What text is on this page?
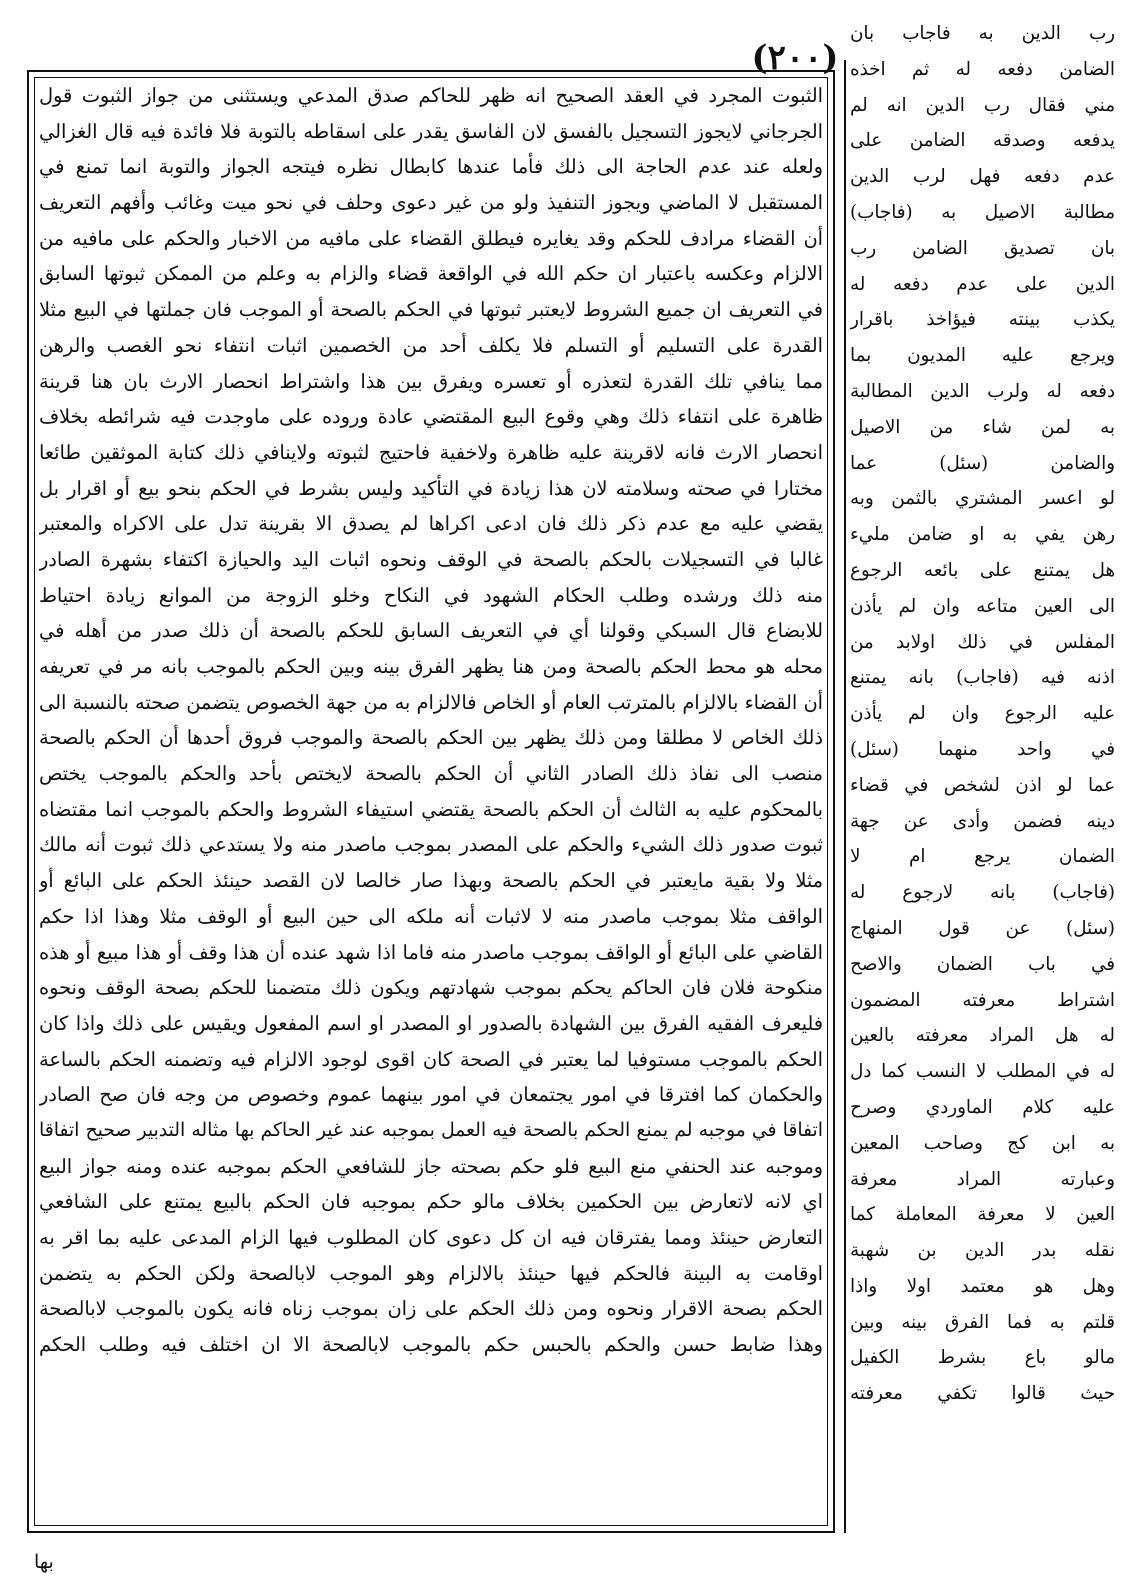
(٢٠٠)
الثبوت المجرد في العقد الصحيح انه ظهر للحاكم صدق المدعي ويستثنى من جواز الثبوت قول
الجرجاني لايجوز التسجيل بالفسق لان الفاسق يقدر على اسقاطه بالتوبة فلا فائدة فيه قال الغزالي
ولعله عند عدم الحاجة الى ذلك فأما عندها كابطال نظره فيتجه الجواز والتوبة انما تمنع في
المستقبل لا الماضي ويجوز التنفيذ ولو من غير دعوى وحلف في نحو ميت وغائب وأفهم التعريف
أن القضاء مرادف للحكم وقد يغايره فيطلق القضاء على مافيه من الاخبار والحكم على مافيه من
الالزام وعكسه باعتبار ان حكم الله في الواقعة قضاء والزام به وعلم من الممكن ثبوتها السابق
في التعريف ان جميع الشروط لايعتبر ثبوتها في الحكم بالصحة أو الموجب فان جملتها في البيع مثلا
القدرة على التسليم أو التسلم فلا يكلف أحد من الخصمين اثبات انتفاء نحو الغصب والرهن
مما ينافي تلك القدرة لتعذره أو تعسره ويفرق بين هذا واشتراط انحصار الارث بان هنا قرينة
ظاهرة على انتفاء ذلك وهي وقوع البيع المقتضي عادة وروده على ماوجدت فيه شرائطه بخلاف
انحصار الارث فانه لاقرينة عليه ظاهرة ولاخفية فاحتيج لثبوته ولاينافي ذلك كتابة الموثقين طائعا
مختارا في صحته وسلامته لان هذا زيادة في التأكيد وليس بشرط في الحكم بنحو بيع أو اقرار بل
يقضي عليه مع عدم ذكر ذلك فان ادعى اكراها لم يصدق الا بقرينة تدل على الاكراه والمعتبر
غالبا في التسجيلات بالحكم بالصحة في الوقف ونحوه اثبات اليد والحيازة اكتفاء بشهرة الصادر
منه ذلك ورشده وطلب الحكام الشهود في النكاح وخلو الزوجة من الموانع زيادة احتياط
للابضاع قال السبكي وقولنا أي في التعريف السابق للحكم بالصحة أن ذلك صدر من أهله في
محله هو محط الحكم بالصحة ومن هنا يظهر الفرق بينه وبين الحكم بالموجب بانه مر في تعريفه
أن القضاء بالالزام بالمترتب العام أو الخاص فالالزام به من جهة الخصوص يتضمن صحته بالنسبة الى
ذلك الخاص لا مطلقا ومن ذلك يظهر بين الحكم بالصحة والموجب فروق أحدها أن الحكم بالصحة
منصب الى نفاذ ذلك الصادر الثاني أن الحكم بالصحة لايختص بأحد والحكم بالموجب يختص
بالمحكوم عليه به الثالث أن الحكم بالصحة يقتضي استيفاء الشروط والحكم بالموجب انما مقتضاه
ثبوت صدور ذلك الشيء والحكم على المصدر بموجب ماصدر منه ولا يستدعي ذلك ثبوت أنه مالك
مثلا ولا بقية مايعتبر في الحكم بالصحة وبهذا صار خالصا لان القصد حينئذ الحكم على البائع أو
الواقف مثلا بموجب ماصدر منه لا لاثبات أنه ملكه الى حين البيع أو الوقف مثلا وهذا اذا حكم
القاضي على البائع أو الواقف بموجب ماصدر منه فاما اذا شهد عنده أن هذا وقف أو هذا مبيع أو هذه
منكوحة فلان فان الحاكم يحكم بموجب شهادتهم ويكون ذلك متضمنا للحكم بصحة الوقف ونحوه
فليعرف الفقيه الفرق بين الشهادة بالصدور او المصدر او اسم المفعول ويقيس على ذلك واذا كان
الحكم بالموجب مستوفيا لما يعتبر في الصحة كان اقوى لوجود الالزام فيه وتضمنه الحكم بالساعة
والحكمان كما افترقا في امور يجتمعان في امور بينهما عموم وخصوص من وجه فان صح الصادر
اتفاقا في موجبه لم يمنع الحكم بالصحة فيه العمل بموجبه عند غير الحاكم بها مثاله التدبير صحيح اتفاقا
وموجبه عند الحنفي منع البيع فلو حكم بصحته جاز للشافعي الحكم بموجبه عنده ومنه جواز البيع
اي لانه لاتعارض بين الحكمين بخلاف مالو حكم بموجبه فان الحكم بالبيع يمتنع على الشافعي
التعارض حينئذ ومما يفترقان فيه ان كل دعوى كان المطلوب فيها الزام المدعى عليه بما اقر به
اوقامت به البينة فالحكم فيها حينئذ بالالزام وهو الموجب لابالصحة ولكن الحكم به يتضمن
الحكم بصحة الاقرار ونحوه ومن ذلك الحكم على زان بموجب زناه فانه يكون بالموجب لابالصحة
وهذا ضابط حسن والحكم بالحبس حكم بالموجب لابالصحة الا ان اختلف فيه وطلب الحكم
رب الدين به فاجاب بان
الضامن دفعه له ثم اخذه
مني فقال رب الدين انه لم
يدفعه وصدقه الضامن على
عدم دفعه فهل لرب الدين
مطالبة الاصيل به (فاجاب)
بان تصديق الضامن رب
الدين على عدم دفعه له
يكذب بينته فيؤاخذ باقرار
ويرجع عليه المديون بما
دفعه له ولرب الدين المطالبة
به لمن شاء من الاصيل
والضامن (سئل) عما
لو اعسر المشتري بالثمن وبه
رهن يفي به او ضامن مليء
هل يمتنع على بائعه الرجوع
الى العين متاعه وان لم يأذن
المفلس في ذلك اولابد من
اذنه فيه (فاجاب) بانه يمتنع
عليه الرجوع وان لم يأذن
في واحد منهما (سئل)
عما لو اذن لشخص في قضاء
دينه فضمن وأدى عن جهة
الضمان يرجع ام لا
(فاجاب) بانه لارجوع له
(سئل) عن قول المنهاج
في باب الضمان والاصح
اشتراط معرفته المضمون
له هل المراد معرفته بالعين
له في المطلب لا النسب كما دل
عليه كلام الماوردي وصرح
به ابن كج وصاحب المعين
وعبارته المراد معرفة
العين لا معرفة المعاملة كما
نقله بدر الدين بن شهبة
وهل هو معتمد اولا واذا
قلتم به فما الفرق بينه وبين
مالو باع بشرط الكفيل
حيث قالوا تكفي معرفته
بها
